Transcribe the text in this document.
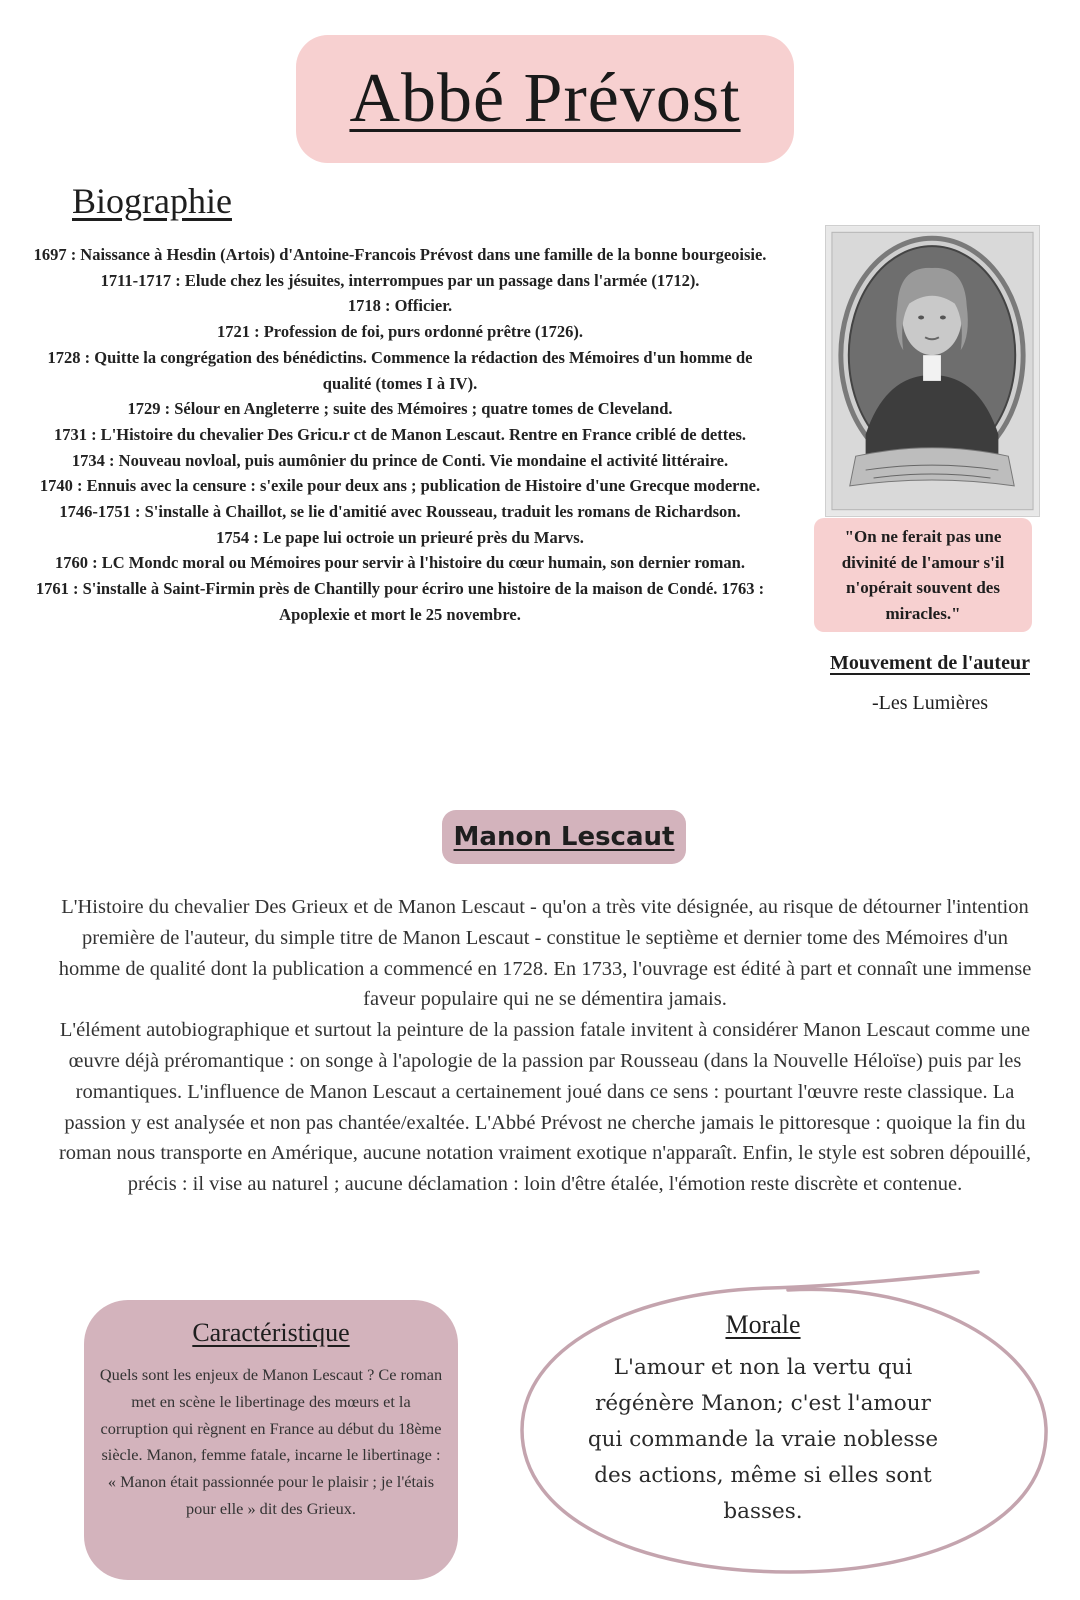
Abbé Prévost
Biographie
1697 : Naissance à Hesdin (Artois) d'Antoine-Francois Prévost dans une famille de la bonne bourgeoisie.
1711-1717 : Elude chez les jésuites, interrompues par un passage dans l'armée (1712).
1718 : Officier.
1721 : Profession de foi, purs ordonné prêtre (1726).
1728 : Quitte la congrégation des bénédictins. Commence la rédaction des Mémoires d'un homme de qualité (tomes I à IV).
1729 : Sélour en Angleterre ; suite des Mémoires ; quatre tomes de Cleveland.
1731 : L'Histoire du chevalier Des Gricu.r ct de Manon Lescaut. Rentre en France criblé de dettes.
1734 : Nouveau novloal, puis aumônier du prince de Conti. Vie mondaine el activité littéraire.
1740 : Ennuis avec la censure : s'exile pour deux ans ; publication de Histoire d'une Grecque moderne.
1746-1751 : S'installe à Chaillot, se lie d'amitié avec Rousseau, traduit les romans de Richardson.
1754 : Le pape lui octroie un prieuré près du Marvs.
1760 : LC Mondc moral ou Mémoires pour servir à l'histoire du cœur humain, son dernier roman.
1761 : S'installe à Saint-Firmin près de Chantilly pour écriro une histoire de la maison de Condé. 1763 : Apoplexie et mort le 25 novembre.
"On ne ferait pas une divinité de l'amour s'il n'opérait souvent des miracles."
Mouvement de l'auteur
-Les Lumières
Manon Lescaut

L'Histoire du chevalier Des Grieux et de Manon Lescaut - qu'on a très vite désignée, au risque de détourner l'intention première de l'auteur, du simple titre de Manon Lescaut - constitue le septième et dernier tome des Mémoires d'un homme de qualité dont la publication a commencé en 1728. En 1733, l'ouvrage est édité à part et connaît une immense faveur populaire qui ne se démentira jamais.

L'élément autobiographique et surtout la peinture de la passion fatale invitent à considérer Manon Lescaut comme une œuvre déjà préromantique : on songe à l'apologie de la passion par Rousseau (dans la Nouvelle Héloïse) puis par les romantiques. L'influence de Manon Lescaut a certainement joué dans ce sens : pourtant l'œuvre reste classique. La passion y est analysée et non pas chantée/exaltée. L'Abbé Prévost ne cherche jamais le pittoresque : quoique la fin du roman nous transporte en Amérique, aucune notation vraiment exotique n'apparaît. Enfin, le style est sobren dépouillé, précis : il vise au naturel ; aucune déclamation : loin d'être étalée, l'émotion reste discrète et contenue.

Caractéristique

Quels sont les enjeux de Manon Lescaut ? Ce roman met en scène le libertinage des mœurs et la corruption qui règnent en France au début du 18ème siècle. Manon, femme fatale, incarne le libertinage : « Manon était passionnée pour le plaisir ; je l'étais pour elle » dit des Grieux.

Morale

L'amour et non la vertu qui régénère Manon; c'est l'amour qui commande la vraie noblesse des actions, même si elles sont basses.
